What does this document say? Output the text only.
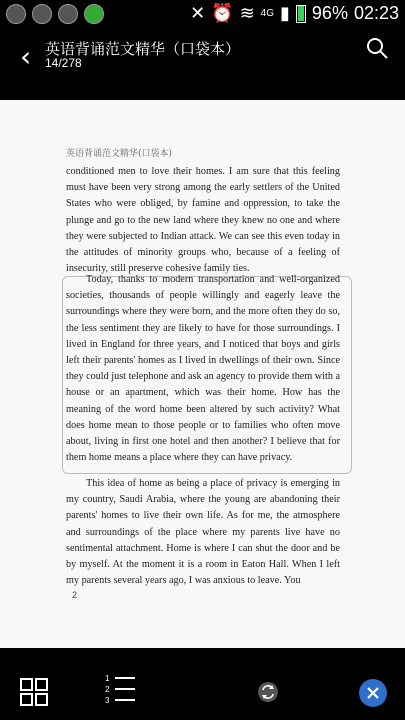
✕ ⏰ ≋ 4G ▮ 96% 02:23
‹ 英语背诵范文精华（口袋本）
14/278
英语背诵范文精华(口袋本)
conditioned men to love their homes. I am sure that this feeling must have been very strong among the early settlers of the United States who were obliged, by famine and oppression, to take the plunge and go to the new land where they knew no one and where they were subjected to Indian attack. We can see this even today in the attitudes of minority groups who, because of a feeling of insecurity, still preserve cohesive family ties.
Today, thanks to modern transportation and well-organized societies, thousands of people willingly and eagerly leave the surroundings where they were born, and the more often they do so, the less sentiment they are likely to have for those surroundings. I lived in England for three years, and I noticed that boys and girls left their parents' homes as I lived in dwellings of their own. Since they could just telephone and ask an agency to provide them with a house or an apartment, which was their home. How has the meaning of the word home been altered by such activity? What does home mean to those people or to families who often move about, living in first one hotel and then another? I believe that for them home means a place where they can have privacy.
This idea of home as being a place of privacy is emerging in my country, Saudi Arabia, where the young are abandoning their parents' homes to live their own life. As for me, the atmosphere and surroundings of the place where my parents live have no sentimental attachment. Home is where I can shut the door and be by myself. At the moment it is a room in Eaton Hall. When I left my parents several years ago, I was anxious to leave. You
2
1
2
3
